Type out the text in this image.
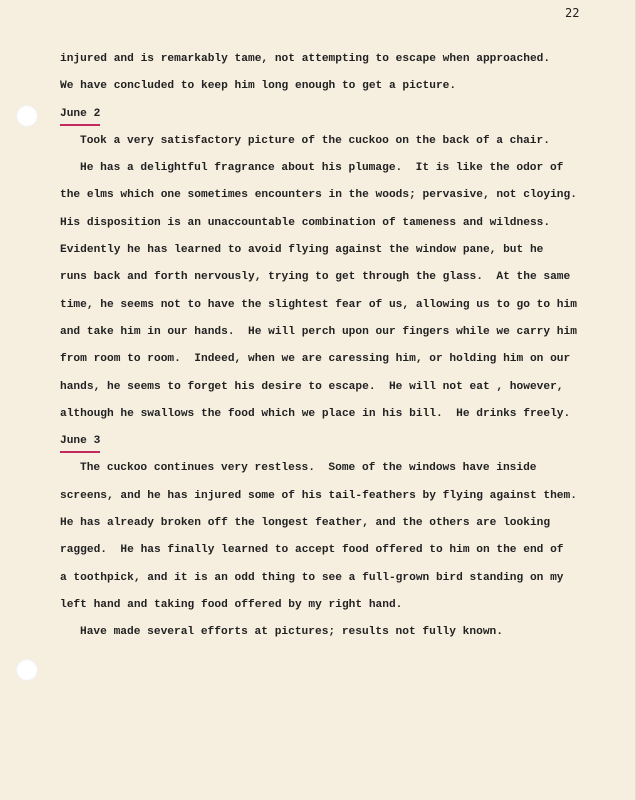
22
injured and is remarkably tame, not attempting to escape when approached.
We have concluded to keep him long enough to get a picture.
June 2
Took a very satisfactory picture of the cuckoo on the back of a chair.
He has a delightful fragrance about his plumage.  It is like the odor of
the elms which one sometimes encounters in the woods; pervasive, not cloying.
His disposition is an unaccountable combination of tameness and wildness.
Evidently he has learned to avoid flying against the window pane, but he
runs back and forth nervously, trying to get through the glass.  At the same
time, he seems not to have the slightest fear of us, allowing us to go to him
and take him in our hands.  He will perch upon our fingers while we carry him
from room to room.  Indeed, when we are caressing him, or holding him on our
hands, he seems to forget his desire to escape.  He will not eat , however,
although he swallows the food which we place in his bill.  He drinks freely.
June 3
The cuckoo continues very restless.  Some of the windows have inside
screens, and he has injured some of his tail-feathers by flying against them.
He has already broken off the longest feather, and the others are looking
ragged.  He has finally learned to accept food offered to him on the end of
a toothpick, and it is an odd thing to see a full-grown bird standing on my
left hand and taking food offered by my right hand.
Have made several efforts at pictures; results not fully known.
